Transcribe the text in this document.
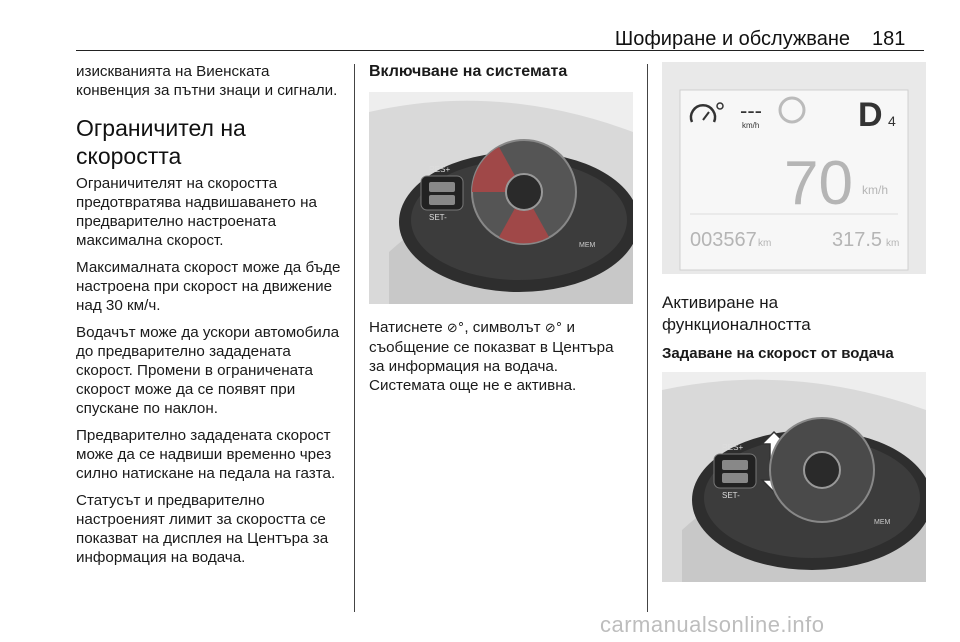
Шофиране и обслужване 181

изискванията на Виенската конвенция за пътни знаци и сигнали.

Ограничител на скоростта

Ограничителят на скоростта предотвратява надвишаването на предварително настроената максимална скорост.

Максималната скорост може да бъде настроена при скорост на движение над 30 км/ч.

Водачът може да ускори автомобила до предварително зададената скорост. Промени в ограничената скорост може да се появят при спускане по наклон.

Предварително зададената скорост може да се надвиши временно чрез силно натискане на педала на газта.

Статусът и предварително настроеният лимит за скоростта се показват на дисплея на Центъра за информация на водача.

Включване на системата
RES+
SET-
MEM

Натиснете ⊘°, символът ⊘° и съобщение се показват в Центъра за информация на водача. Системата още не е активна.

---
km/h	D 4
70 km/h
003567 km	317.5 km
Активиране на функционалността
Задаване на скорост от водача
RES+
SET-
MEM
carmanualsonline.info
